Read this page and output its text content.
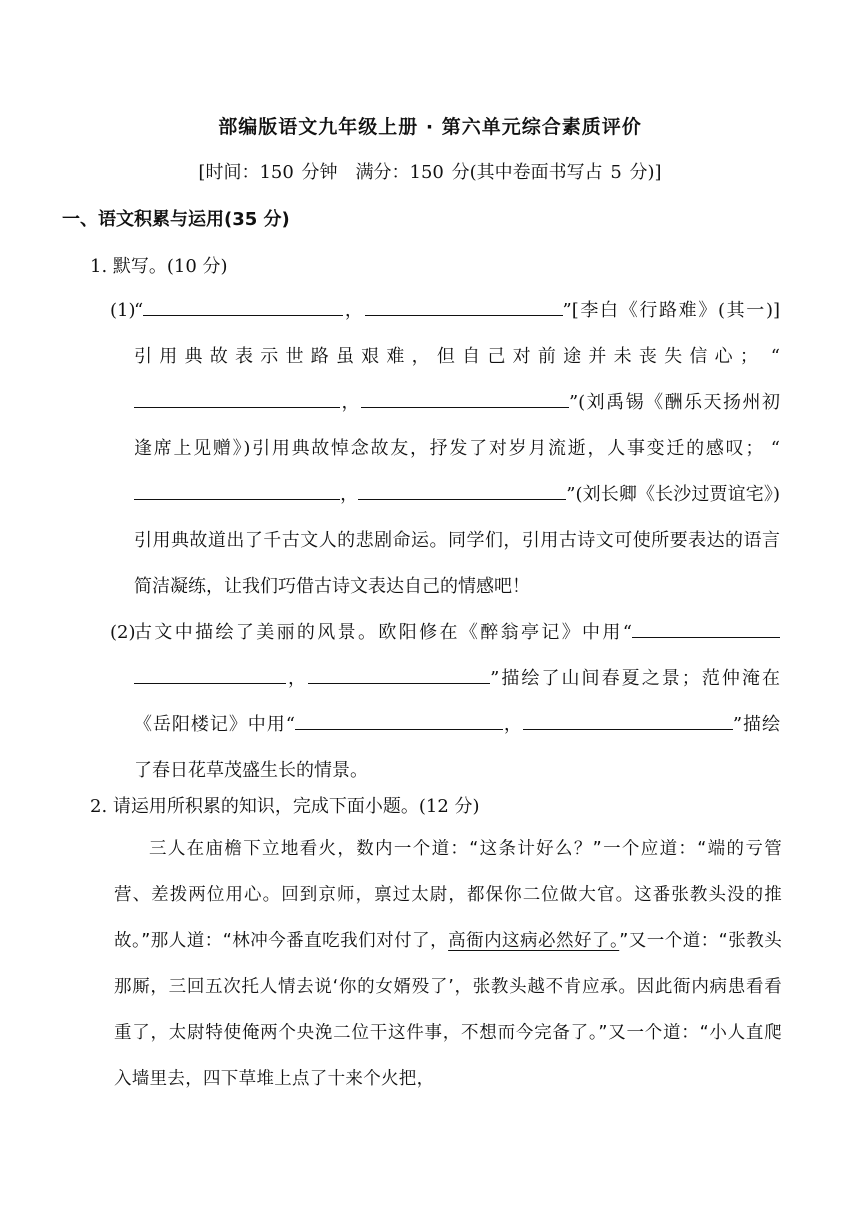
部编版语文九年级上册 · 第六单元综合素质评价
[时间：150 分钟　满分：150 分(其中卷面书写占 5 分)]
一、语文积累与运用(35 分)
1. 默写。(10 分)
(1)
“	，	”[李白《行路难》(其一)] 引用典故表示世路虽艰难，但自己对前途并未丧失信心； “，	”(刘禹锡《酬乐天扬州初逢席上见赠》)引用典故悼念故友，抒发了对岁月流逝，人事变迁的感叹； “，	”(刘长卿《长沙过贾谊宅》)引用典故道出了千古文人的悲剧命运。同学们，引用古诗文可使所要表达的语言简洁凝练，让我们巧借古诗文表达自己的情感吧！
(2)
古文中描绘了美丽的风景。欧阳修在《醉翁亭记》中用“ ，	”描绘了山间春夏之景；范仲淹在《岳阳楼记》中用“	，	”描绘了春日花草茂盛生长的情景。
2. 请运用所积累的知识，完成下面小题。(12 分)
三人在庙檐下立地看火，数内一个道：“这条计好么？”一个应道：“端的亏管营、差拨两位用心。回到京师，禀过太尉，都保你二位做大官。这番张教头没的推故。”那人道：“林冲今番直吃我们对付了，高衙内这病必然好了。”又一个道：“张教头那厮，三回五次托人情去说‘你的女婿殁了’，张教头越不肯应承。因此衙内病患看看重了，太尉特使俺两个央浼二位干这件事，不想而今完备了。”又一个道：“小人直爬入墙里去，四下草堆上点了十来个火把，
